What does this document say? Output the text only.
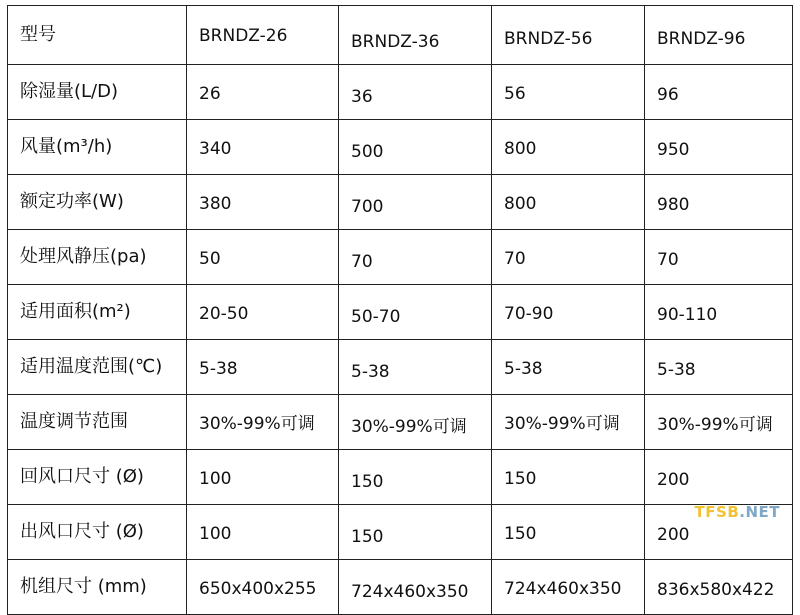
型号	BRNDZ-26	BRNDZ-36	BRNDZ-56	BRNDZ-96
除湿量(L/D)	26	36	56	96
风量(m³/h)	340	500	800	950
额定功率(W)	380	700	800	980
处理风静压(pa)	50	70	70	70
适用面积(m²)	20-50	50-70	70-90	90-110
适用温度范围(℃)	5-38	5-38	5-38	5-38
温度调节范围	30%-99%可调	30%-99%可调	30%-99%可调	30%-99%可调
回风口尺寸 (Ø)	100	150	150	200
出风口尺寸 (Ø)	100	150	150	200
机组尺寸 (mm)	650x400x255	724x460x350	724x460x350	836x580x422
TFSB.NET
